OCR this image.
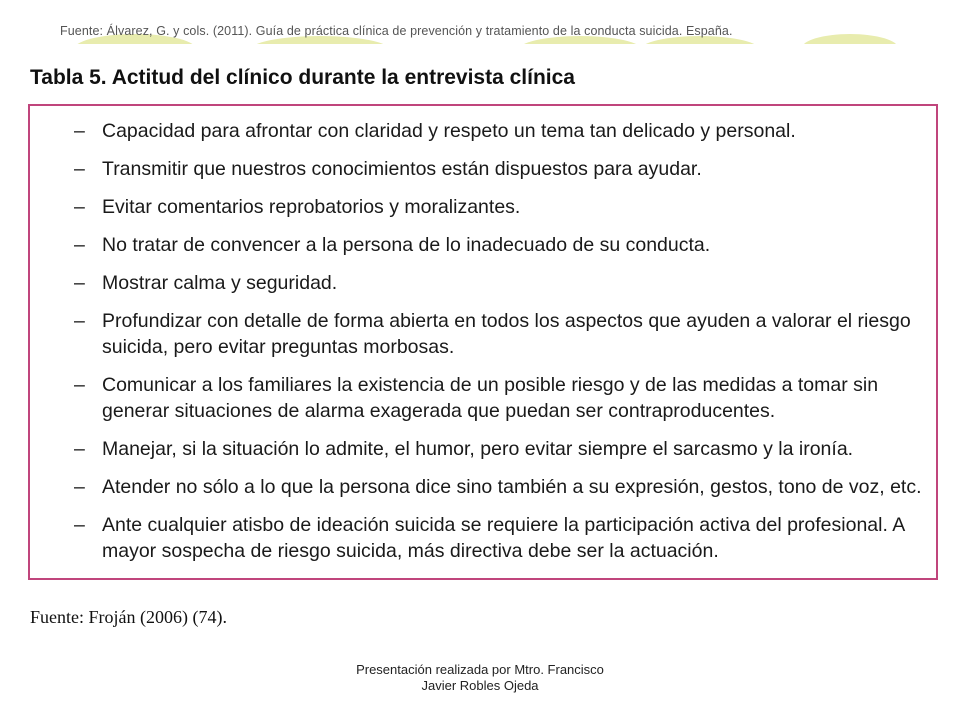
Fuente: Álvarez, G. y cols. (2011). Guía de práctica clínica de prevención y tratamiento de la conducta suicida. España.
Tabla 5. Actitud del clínico durante la entrevista clínica
– Capacidad para afrontar con claridad y respeto un tema tan delicado y personal.
– Transmitir que nuestros conocimientos están dispuestos para ayudar.
– Evitar comentarios reprobatorios y moralizantes.
– No tratar de convencer a la persona de lo inadecuado de su conducta.
– Mostrar calma y seguridad.
– Profundizar con detalle de forma abierta en todos los aspectos que ayuden a valorar el riesgo suicida, pero evitar preguntas morbosas.
– Comunicar a los familiares la existencia de un posible riesgo y de las medidas a tomar sin generar situaciones de alarma exagerada que puedan ser contraproducentes.
– Manejar, si la situación lo admite, el humor, pero evitar siempre el sarcasmo y la ironía.
– Atender no sólo a lo que la persona dice sino también a su expresión, gestos, tono de voz, etc.
– Ante cualquier atisbo de ideación suicida se requiere la participación activa del profesional. A mayor sospecha de riesgo suicida, más directiva debe ser la actuación.
Fuente: Froján (2006) (74).
Presentación realizada por Mtro. Francisco
Javier Robles Ojeda
